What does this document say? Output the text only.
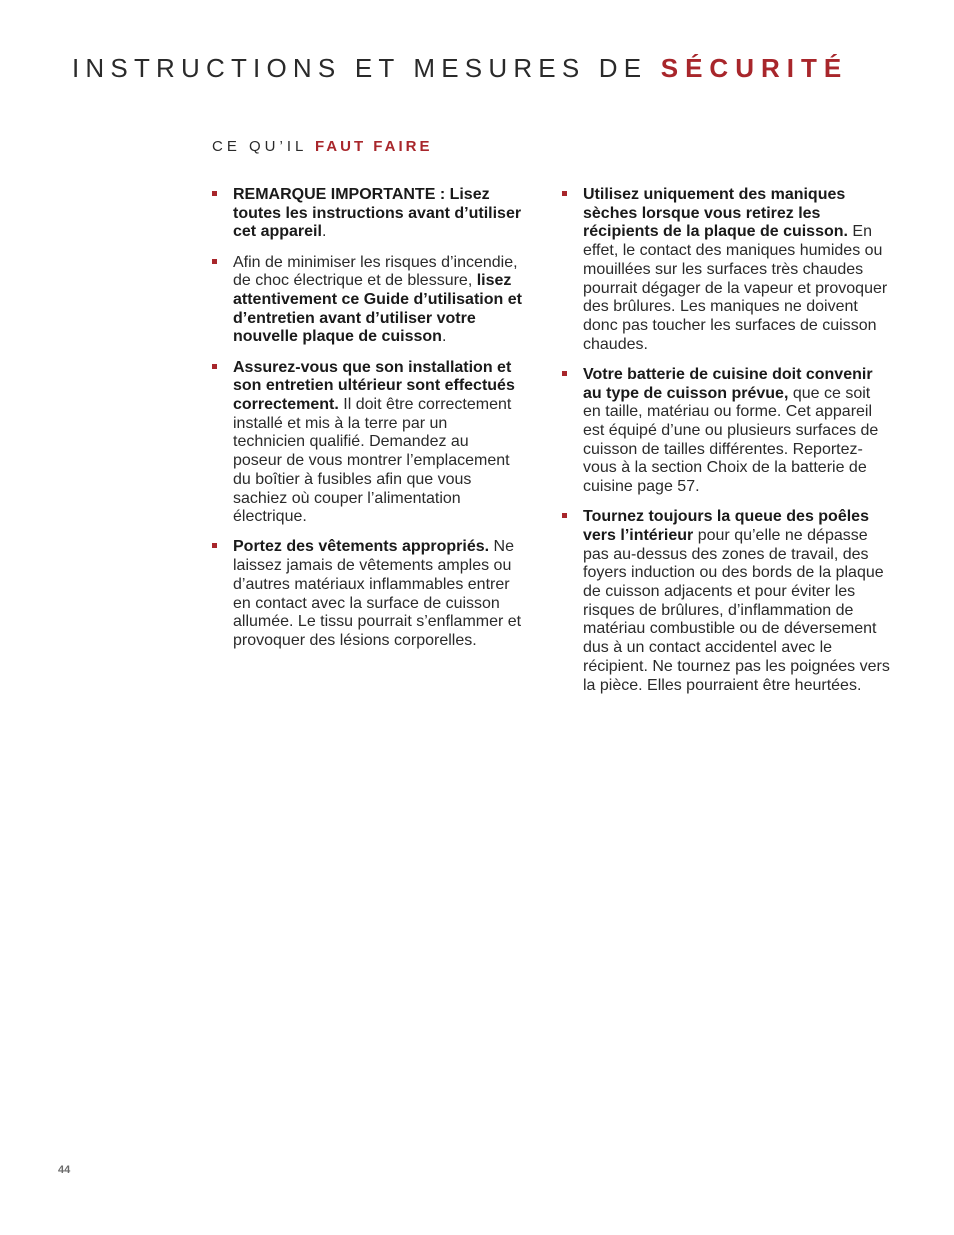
INSTRUCTIONS ET MESURES DE SÉCURITÉ
CE QU’IL FAUT FAIRE
REMARQUE IMPORTANTE : Lisez toutes les instructions avant d’utiliser cet appareil.
Afin de minimiser les risques d’incendie, de choc électrique et de blessure, lisez attentivement ce Guide d’utilisation et d’entretien avant d’utiliser votre nouvelle plaque de cuisson.
Assurez-vous que son installation et son entretien ultérieur sont effectués correctement. Il doit être correctement installé et mis à la terre par un technicien qualifié. Demandez au poseur de vous montrer l’emplacement du boîtier à fusibles afin que vous sachiez où couper l’alimentation électrique.
Portez des vêtements appropriés. Ne laissez jamais de vêtements amples ou d’autres matériaux inflammables entrer en contact avec la surface de cuisson allumée. Le tissu pourrait s’enflammer et provoquer des lésions corporelles.
Utilisez uniquement des maniques sèches lorsque vous retirez les récipients de la plaque de cuisson. En effet, le contact des maniques humides ou mouillées sur les surfaces très chaudes pourrait dégager de la vapeur et provoquer des brûlures. Les maniques ne doivent donc pas toucher les surfaces de cuisson chaudes.
Votre batterie de cuisine doit convenir au type de cuisson prévue, que ce soit en taille, matériau ou forme. Cet appareil est équipé d’une ou plusieurs surfaces de cuisson de tailles différentes. Reportez-vous à la section Choix de la batterie de cuisine page 57.
Tournez toujours la queue des poêles vers l’intérieur pour qu’elle ne dépasse pas au-dessus des zones de travail, des foyers induction ou des bords de la plaque de cuisson adjacents et pour éviter les risques de brûlures, d’inflammation de matériau combustible ou de déversement dus à un contact accidentel avec le récipient. Ne tournez pas les poignées vers la pièce. Elles pourraient être heurtées.
44
